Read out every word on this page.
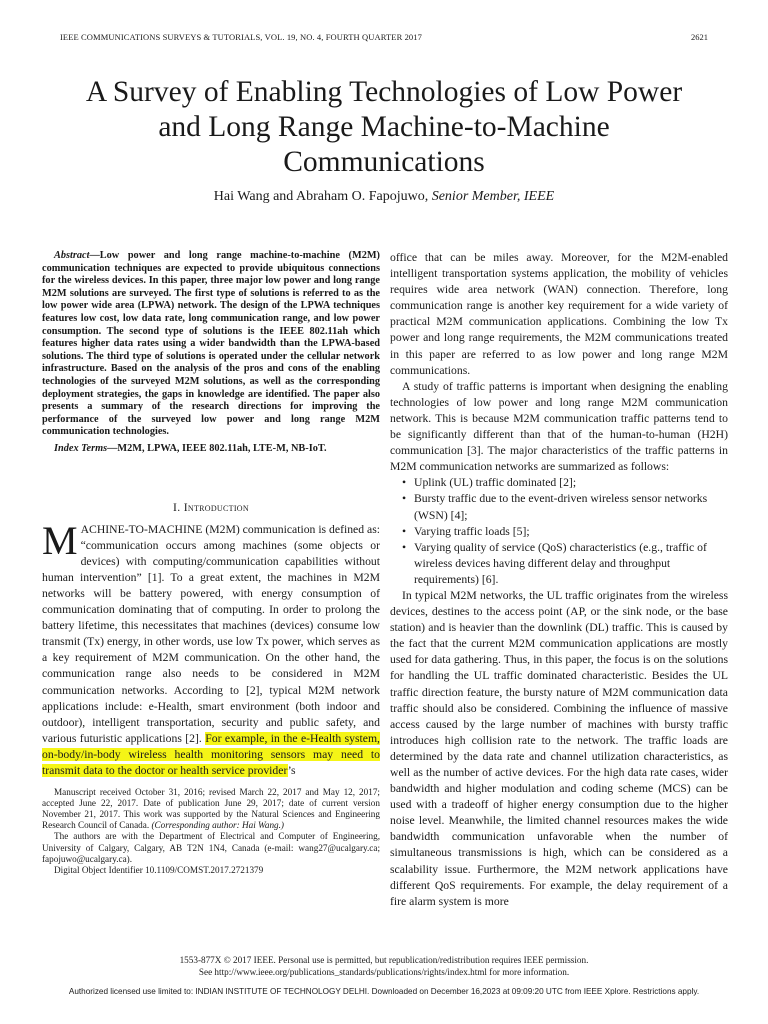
IEEE COMMUNICATIONS SURVEYS & TUTORIALS, VOL. 19, NO. 4, FOURTH QUARTER 2017	2621
A Survey of Enabling Technologies of Low Power
and Long Range Machine-to-Machine
Communications
Hai Wang and Abraham O. Fapojuwo, Senior Member, IEEE

Abstract—Low power and long range machine-to-machine (M2M) communication techniques are expected to provide ubiquitous connections for the wireless devices. In this paper, three major low power and long range M2M solutions are surveyed. The first type of solutions is referred to as the low power wide area (LPWA) network. The design of the LPWA techniques features low cost, low data rate, long communication range, and low power consumption. The second type of solutions is the IEEE 802.11ah which features higher data rates using a wider bandwidth than the LPWA-based solutions. The third type of solutions is operated under the cellular network infrastructure. Based on the analysis of the pros and cons of the enabling technologies of the surveyed M2M solutions, as well as the corresponding deployment strategies, the gaps in knowledge are identified. The paper also presents a summary of the research directions for improving the performance of the surveyed low power and long range M2M communication technologies.

Index Terms—M2M, LPWA, IEEE 802.11ah, LTE-M, NB-IoT.

I. Introduction

MACHINE-TO-MACHINE (M2M) communication is defined as: “communication occurs among machines (some objects or devices) with computing/communication capabilities without human intervention” [1]. To a great extent, the machines in M2M networks will be battery powered, with energy consumption of communication dominating that of computing. In order to prolong the battery lifetime, this necessitates that machines (devices) consume low transmit (Tx) energy, in other words, use low Tx power, which serves as a key requirement of M2M communication. On the other hand, the communication range also needs to be considered in M2M communication networks. According to [2], typical M2M network applications include: e-Health, smart environment (both indoor and outdoor), intelligent transportation, security and public safety, and various futuristic applications [2]. For example, in the e-Health system, on-body/in-body wireless health monitoring sensors may need to transmit data to the doctor or health service provider’s

Manuscript received October 31, 2016; revised March 22, 2017 and May 12, 2017; accepted June 22, 2017. Date of publication June 29, 2017; date of current version November 21, 2017. This work was supported by the Natural Sciences and Engineering Research Council of Canada. (Corresponding author: Hai Wang.)

The authors are with the Department of Electrical and Computer of Engineering, University of Calgary, Calgary, AB T2N 1N4, Canada (e-mail: wang27@ucalgary.ca; fapojuwo@ucalgary.ca).

Digital Object Identifier 10.1109/COMST.2017.2721379

office that can be miles away. Moreover, for the M2M-enabled intelligent transportation systems application, the mobility of vehicles requires wide area network (WAN) connection. Therefore, long communication range is another key requirement for a wide variety of practical M2M communication applications. Combining the low Tx power and long range requirements, the M2M communications treated in this paper are referred to as low power and long range M2M communications.

A study of traffic patterns is important when designing the enabling technologies of low power and long range M2M communication network. This is because M2M communication traffic patterns tend to be significantly different than that of the human-to-human (H2H) communication [3]. The major characteristics of the traffic patterns in M2M communication networks are summarized as follows:

• Uplink (UL) traffic dominated [2];
• Bursty traffic due to the event-driven wireless sensor networks (WSN) [4];
• Varying traffic loads [5];
• Varying quality of service (QoS) characteristics (e.g., traffic of wireless devices having different delay and throughput requirements) [6].

In typical M2M networks, the UL traffic originates from the wireless devices, destines to the access point (AP, or the sink node, or the base station) and is heavier than the downlink (DL) traffic. This is caused by the fact that the current M2M communication applications are mostly used for data gathering. Thus, in this paper, the focus is on the solutions for handling the UL traffic dominated characteristic. Besides the UL traffic direction feature, the bursty nature of M2M communication data traffic should also be considered. Combining the influence of massive access caused by the large number of machines with bursty traffic introduces high collision rate to the network. The traffic loads are determined by the data rate and channel utilization characteristics, as well as the number of active devices. For the high data rate cases, wider bandwidth and higher modulation and coding scheme (MCS) can be used with a tradeoff of higher energy consumption due to the higher noise level. Meanwhile, the limited channel resources makes the wide bandwidth communication unfavorable when the number of simultaneous transmissions is high, which can be considered as a scalability issue. Furthermore, the M2M network applications have different QoS requirements. For example, the delay requirement of a fire alarm system is more

1553-877X © 2017 IEEE. Personal use is permitted, but republication/redistribution requires IEEE permission.
See http://www.ieee.org/publications_standards/publications/rights/index.html for more information.
Authorized licensed use limited to: INDIAN INSTITUTE OF TECHNOLOGY DELHI. Downloaded on December 16,2023 at 09:09:20 UTC from IEEE Xplore. Restrictions apply.
